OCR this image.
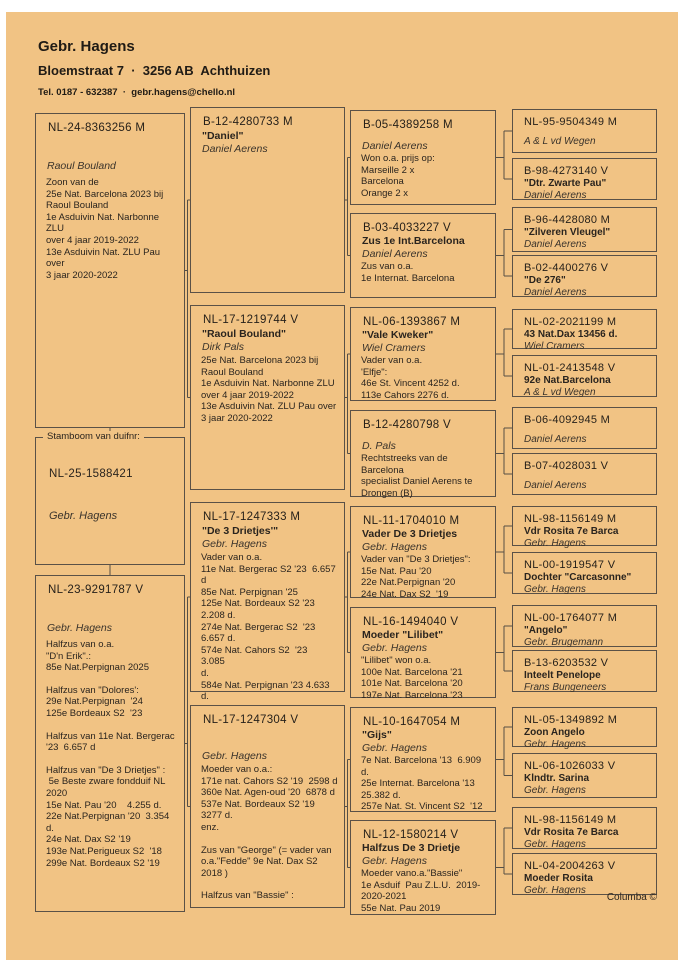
Gebr. Hagens
Bloemstraat 7  ·  3256 AB  Achthuizen
Tel. 0187 - 632387  ·  gebr.hagens@chello.nl
NL-24-8363256 M
Raoul Bouland
Zoon van de
25e Nat. Barcelona 2023 bij
Raoul Bouland
1e Asduivin Nat. Narbonne ZLU
over 4 jaar 2019-2022
13e Asduivin Nat. ZLU Pau over
3 jaar 2020-2022
NL-23-9291787 V
Gebr. Hagens
Halfzus van o.a.
"D'n Erik".:
85e Nat.Perpignan 2025
Halfzus van "Dolores':
29e Nat.Perpignan  '24
125e Bordeaux S2  '23
Halfzus van 11e Nat. Bergerac
'23  6.657 d
Halfzus van "De 3 Drietjes" :
5e Beste zware fondduif NL
2020
15e Nat. Pau '20    4.255 d.
22e Nat.Perpignan '20  3.354 d.
24e Nat. Dax S2 '19
193e Nat.Perigueux S2  '18
299e Nat. Bordeaux S2 '19
B-12-4280733 M
"Daniel"
Daniel Aerens
NL-17-1219744 V
"Raoul Bouland"
Dirk Pals
25e Nat. Barcelona 2023 bij
Raoul Bouland
1e Asduivin Nat. Narbonne ZLU
over 4 jaar 2019-2022
13e Asduivin Nat. ZLU Pau over
3 jaar 2020-2022
NL-17-1247333 M
"De 3 Drietjes'"
Gebr. Hagens
Vader van o.a.
11e Nat. Bergerac S2 '23  6.657
d
85e Nat. Perpignan '25
125e Nat. Bordeaux S2 '23
2.208 d.
274e Nat. Bergerac S2  '23
6.657 d.
574e Nat. Cahors S2  '23   3.085
d.
584e Nat. Perpignan '23 4.633
d.
NL-17-1247304 V
Gebr. Hagens
Moeder van o.a.:
171e nat. Cahors S2 '19  2598 d
360e Nat. Agen-oud '20  6878 d
537e Nat. Bordeaux S2 '19
3277 d.
enz.
Zus van "George" (= vader van
o.a."Fedde" 9e Nat. Dax S2
2018 )
Halfzus van "Bassie" :
B-05-4389258 M
Daniel Aerens
Won o.a. prijs op:
Marseille 2 x
Barcelona
Orange 2 x
B-03-4033227 V
Zus 1e Int.Barcelona
Daniel Aerens
Zus van o.a.
1e Internat. Barcelona
NL-06-1393867 M
"Vale Kweker"
Wiel Cramers
Vader van o.a.
'Elfje":
46e St. Vincent 4252 d.
113e Cahors 2276 d.
B-12-4280798 V
D. Pals
Rechtstreeks van de Barcelona
specialist Daniel Aerens te
Drongen (B)
NL-11-1704010 M
Vader De 3 Drietjes
Gebr. Hagens
Vader van "De 3 Drietjes":
15e Nat. Pau '20
22e Nat.Perpignan '20
24e Nat. Dax S2  '19
NL-16-1494040 V
Moeder "Lilibet"
Gebr. Hagens
"Lilibet" won o.a.
100e Nat. Barcelona '21
101e Nat. Barcelona '20
197e Nat. Barcelona '23
NL-10-1647054 M
"Gijs"
Gebr. Hagens
7e Nat. Barcelona '13  6.909 d.
25e Internat. Barcelona '13
25.382 d.
257e Nat. St. Vincent S2  '12
NL-12-1580214 V
Halfzus De 3 Drietje
Gebr. Hagens
Moeder vano.a."Bassie"
1e Asduif  Pau Z.L.U.  2019-
2020-2021
55e Nat. Pau 2019
NL-95-9504349 M
A & L vd Wegen
B-98-4273140 V
"Dtr. Zwarte Pau"
Daniel Aerens
B-96-4428080 M
"Zilveren Vleugel"
Daniel Aerens
B-02-4400276 V
"De 276"
Daniel Aerens
NL-02-2021199 M
43 Nat.Dax 13456 d.
Wiel Cramers
NL-01-2413548 V
92e Nat.Barcelona
A & L vd Wegen
B-06-4092945 M
Daniel Aerens
B-07-4028031 V
Daniel Aerens
NL-98-1156149 M
Vdr Rosita 7e Barca
Gebr. Hagens
NL-00-1919547 V
Dochter "Carcasonne"
Gebr. Hagens
NL-00-1764077 M
"Angelo"
Gebr. Brugemann
B-13-6203532 V
Inteelt Penelope
Frans Bungeneers
NL-05-1349892 M
Zoon Angelo
Gebr. Hagens
NL-06-1026033 V
Klndtr. Sarina
Gebr. Hagens
NL-98-1156149 M
Vdr Rosita 7e Barca
Gebr. Hagens
NL-04-2004263 V
Moeder Rosita
Gebr. Hagens
Stamboom van duifnr:
NL-25-1588421
Gebr. Hagens
Columba ©
